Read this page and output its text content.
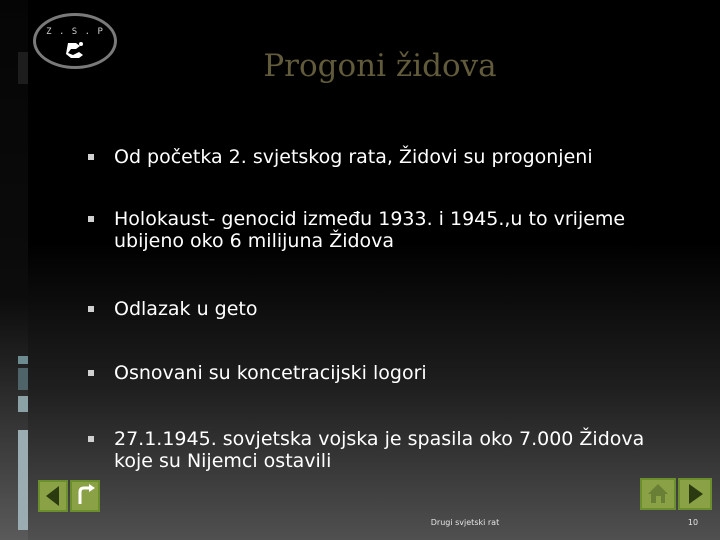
Z . S . P
Progoni židova
Od početka 2. svjetskog rata, Židovi su progonjeni
Holokaust- genocid između 1933. i 1945.,u to vrijeme ubijeno oko 6 milijuna Židova
Odlazak u geto
Osnovani su koncetracijski logori
27.1.1945. sovjetska vojska je spasila oko 7.000 Židova koje su Nijemci ostavili
Drugi svjetski rat	10
